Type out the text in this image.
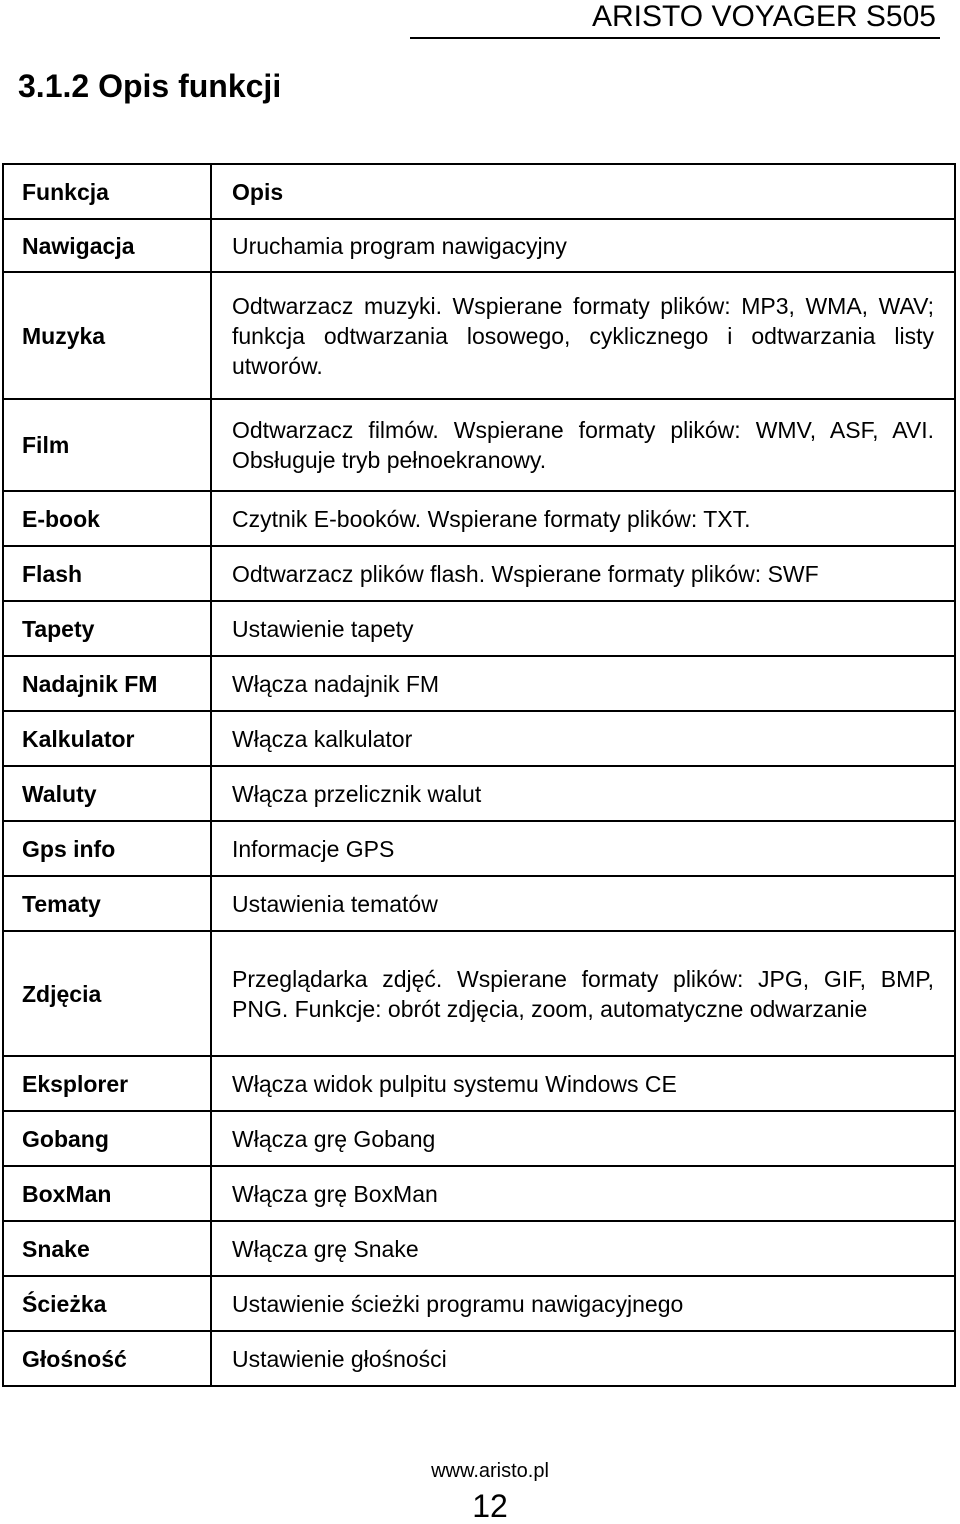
ARISTO VOYAGER S505
3.1.2 Opis funkcji
Funkcja	Opis
Nawigacja	Uruchamia program nawigacyjny
Muzyka	Odtwarzacz muzyki. Wspierane formaty plików: MP3, WMA, WAV; funkcja odtwarzania losowego, cyklicznego i odtwarzania listy utworów.
Film	Odtwarzacz filmów. Wspierane formaty plików: WMV, ASF, AVI. Obsługuje tryb pełnoekranowy.
E-book	Czytnik E-booków. Wspierane formaty plików: TXT.
Flash	Odtwarzacz plików flash. Wspierane formaty plików: SWF
Tapety	Ustawienie tapety
Nadajnik FM	Włącza nadajnik FM
Kalkulator	Włącza kalkulator
Waluty	Włącza przelicznik walut
Gps info	Informacje GPS
Tematy	Ustawienia tematów
Zdjęcia	Przeglądarka zdjęć. Wspierane formaty plików: JPG, GIF, BMP, PNG. Funkcje: obrót zdjęcia, zoom, automatyczne odwarzanie
Eksplorer	Włącza widok pulpitu systemu Windows CE
Gobang	Włącza grę Gobang
BoxMan	Włącza grę BoxMan
Snake	Włącza grę Snake
Ścieżka	Ustawienie ścieżki programu nawigacyjnego
Głośność	Ustawienie głośności
www.aristo.pl
12
